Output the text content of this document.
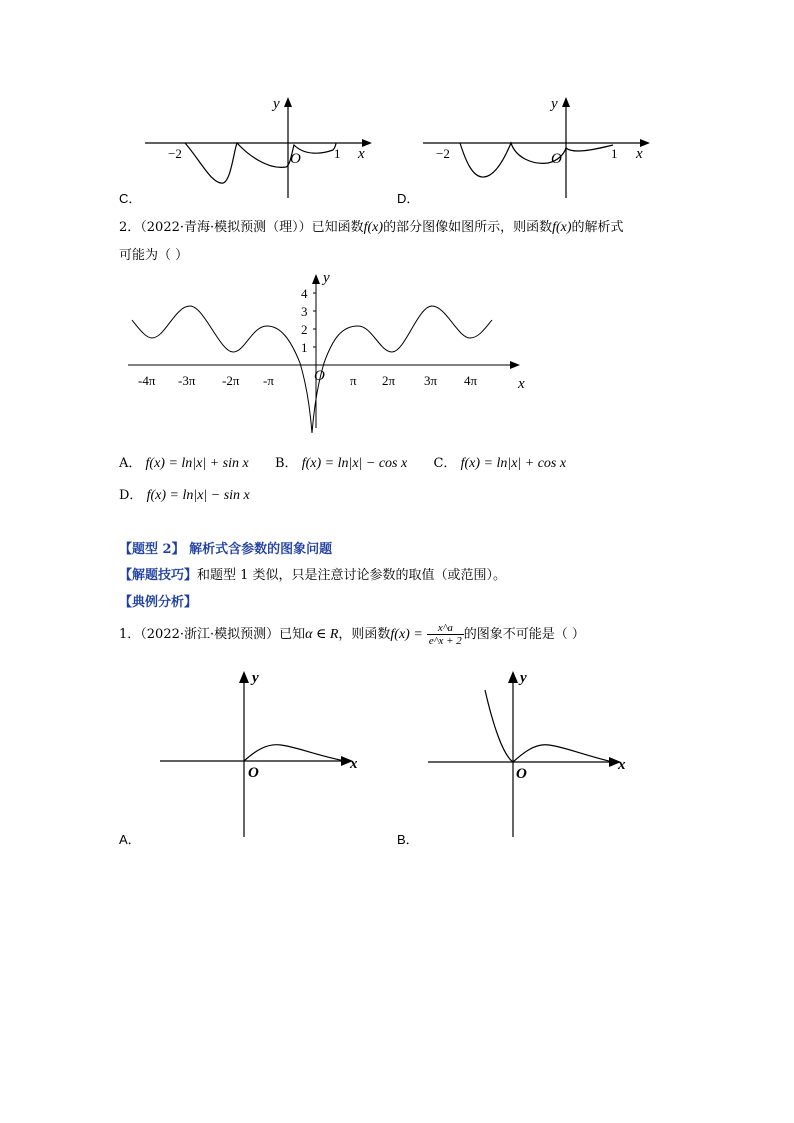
y
x
O
−2	1
C．
y
x
O
−2	1
D．
2．（2022·青海·模拟预测（理））已知函数f(x)的部分图像如图所示，则函数f(x)的解析式
可能为（ ）
4
3
2
1
-4π -3π -2π -π	π 2π 3π 4π
y
x
O
A． f(x) = ln|x| + sin x B． f(x) = ln|x| − cos x C． f(x) = ln|x| + cos x
D． f(x) = ln|x| − sin x
【题型 2】 解析式含参数的图象问题
【解题技巧】和题型 1 类似，只是注意讨论参数的取值（或范围）。
【典例分析】
1．（2022·浙江·模拟预测）已知α ∈ R，则函数$f(x) = \frac{x\^{}a}{e\^{}x + 2}$ 的图象不可能是（ ）
y
x
O
A．
y
x
O
B．
